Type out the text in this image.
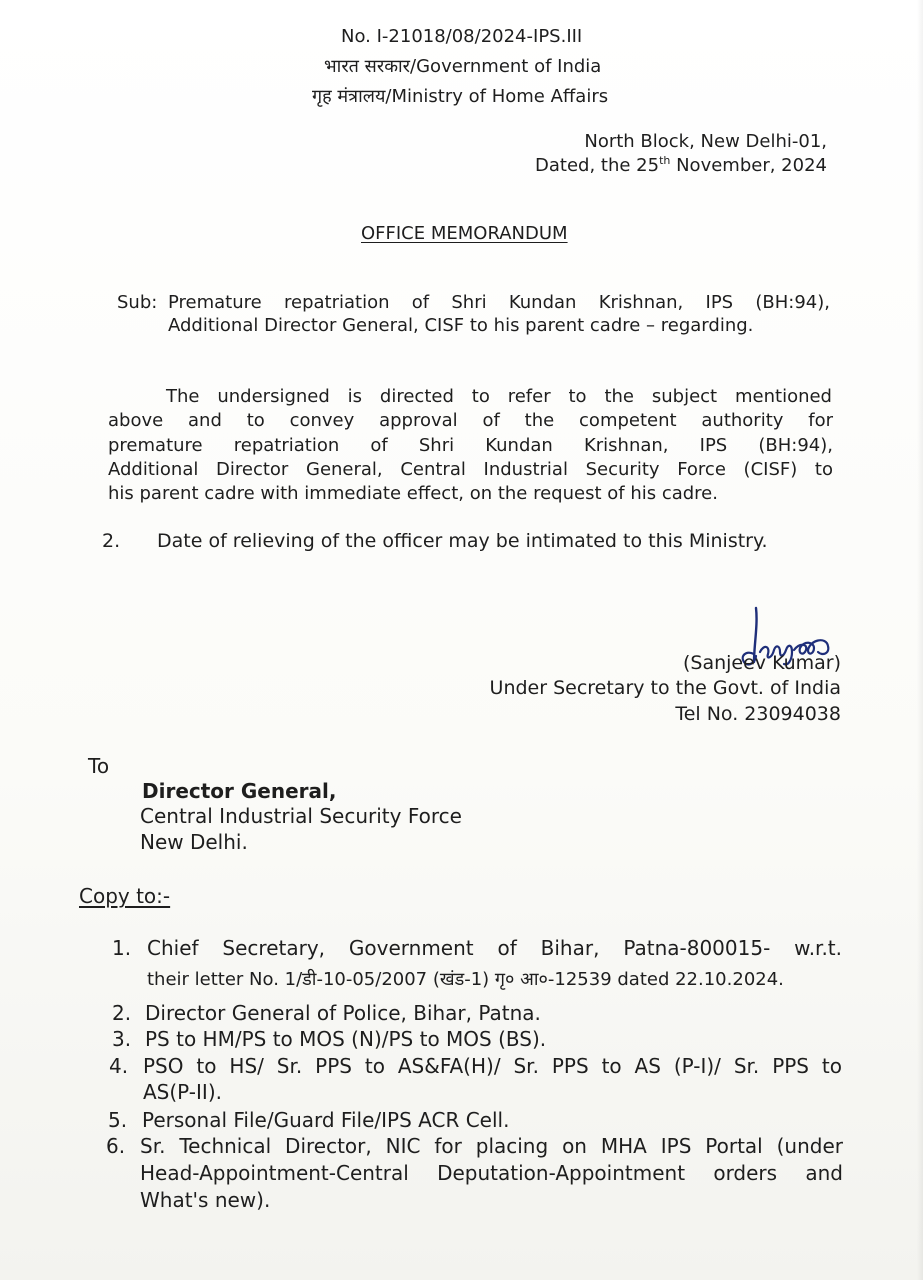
No. I-21018/08/2024-IPS.III
भारत सरकार/Government of India
गृह मंत्रालय/Ministry of Home Affairs
North Block, New Delhi-01,
Dated, the 25th November, 2024
OFFICE MEMORANDUM
Sub: Premature repatriation of Shri Kundan Krishnan, IPS (BH:94),
Additional Director General, CISF to his parent cadre – regarding.
The undersigned is directed to refer to the subject mentioned
above and to convey approval of the competent authority for
premature repatriation of Shri Kundan Krishnan, IPS (BH:94),
Additional Director General, Central Industrial Security Force (CISF) to
his parent cadre with immediate effect, on the request of his cadre.
2. Date of relieving of the officer may be intimated to this Ministry.
(Sanjeev Kumar)
Under Secretary to the Govt. of India
Tel No. 23094038
To
Director General,
Central Industrial Security Force
New Delhi.
Copy to:-
1. Chief Secretary, Government of Bihar, Patna-800015- w.r.t.
their letter No. 1/डी-10-05/2007 (खंड-1) गृ० आ०-12539 dated 22.10.2024.
2. Director General of Police, Bihar, Patna.
3. PS to HM/PS to MOS (N)/PS to MOS (BS).
4. PSO to HS/ Sr. PPS to AS&FA(H)/ Sr. PPS to AS (P-I)/ Sr. PPS to
AS(P-II).
5. Personal File/Guard File/IPS ACR Cell.
6. Sr. Technical Director, NIC for placing on MHA IPS Portal (under
Head-Appointment-Central Deputation-Appointment orders and
What's new).
